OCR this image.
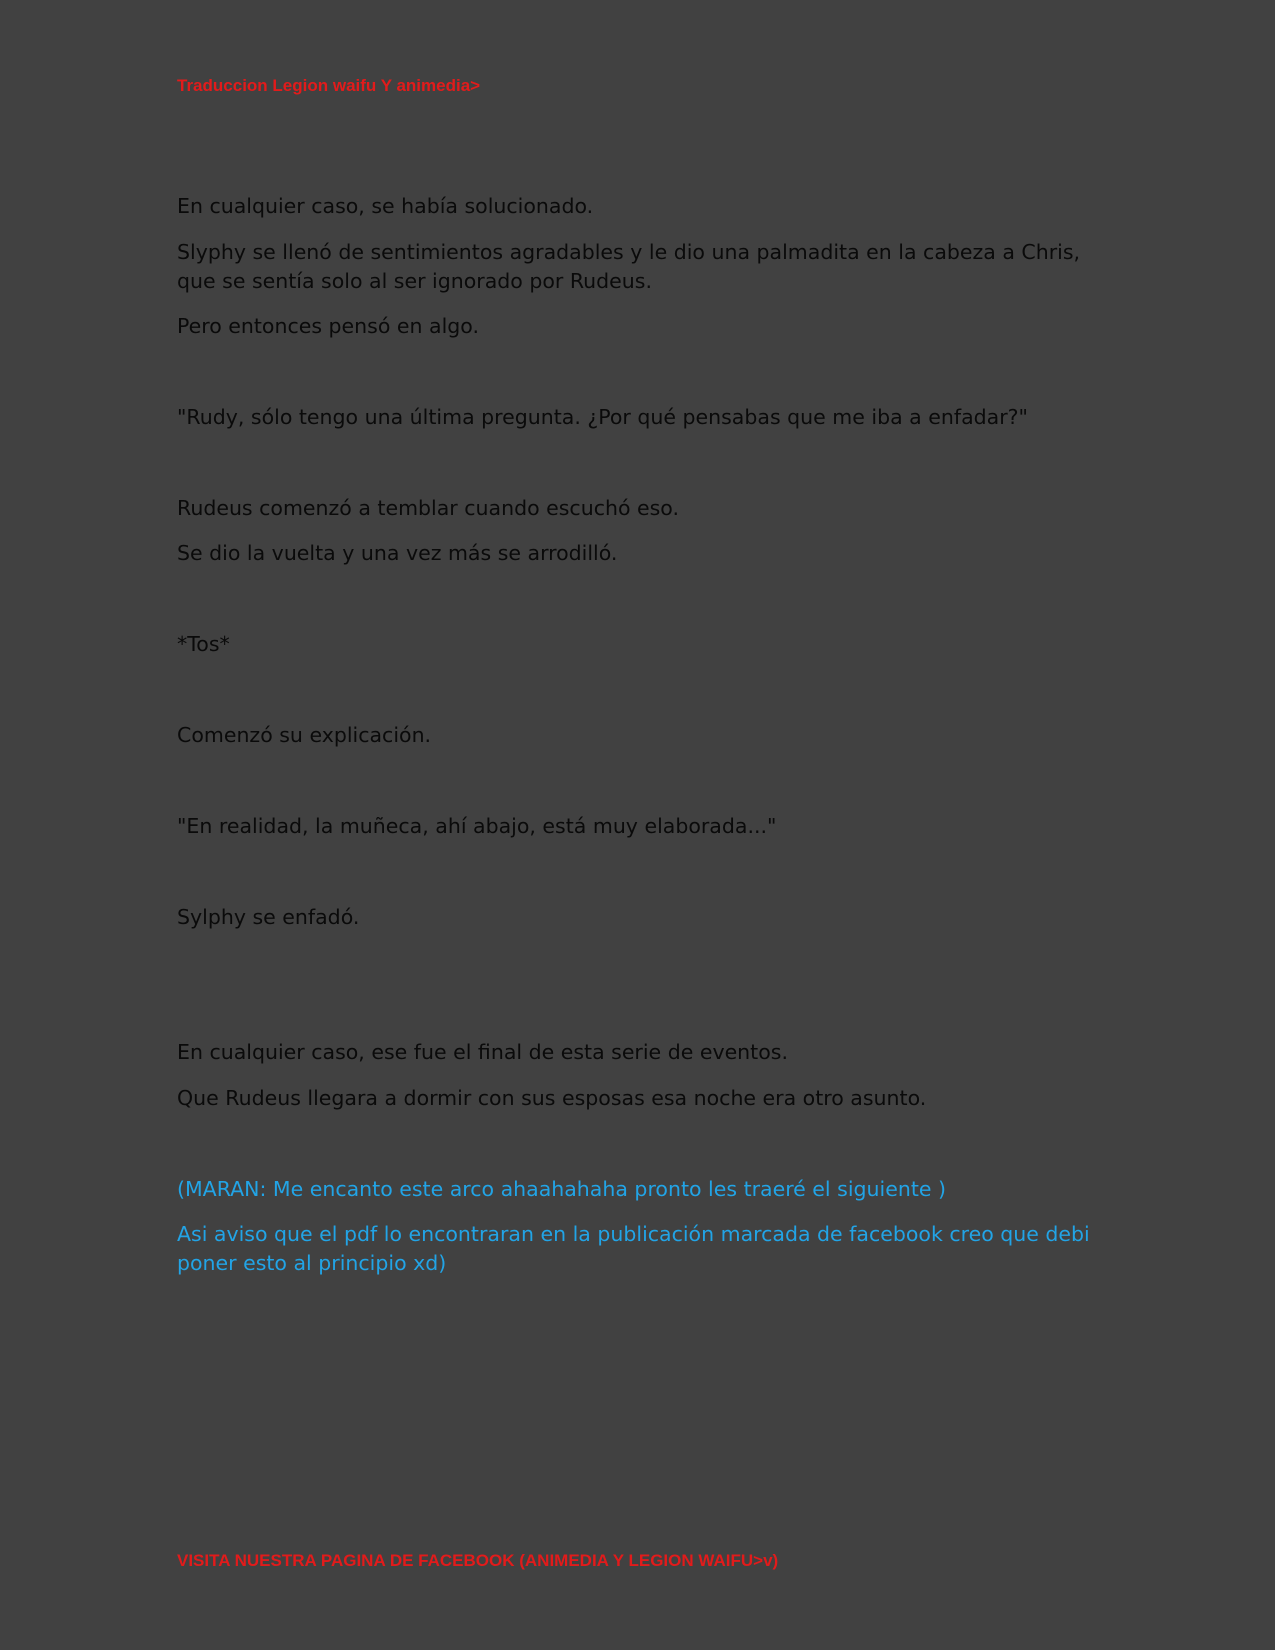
Traduccion Legion waifu Y animedia>

En cualquier caso, se había solucionado.

Slyphy se llenó de sentimientos agradables y le dio una palmadita en la cabeza a Chris, que se sentía solo al ser ignorado por Rudeus.

Pero entonces pensó en algo.

"Rudy, sólo tengo una última pregunta. ¿Por qué pensabas que me iba a enfadar?"

Rudeus comenzó a temblar cuando escuchó eso.

Se dio la vuelta y una vez más se arrodilló.

*Tos*

Comenzó su explicación.

"En realidad, la muñeca, ahí abajo, está muy elaborada..."

Sylphy se enfadó.

En cualquier caso, ese fue el final de esta serie de eventos.

Que Rudeus llegara a dormir con sus esposas esa noche era otro asunto.

(MARAN: Me encanto este arco ahaahahaha pronto les traeré el siguiente )

Asi aviso que el pdf lo encontraran en la publicación marcada de facebook creo que debi poner esto al principio xd)

VISITA NUESTRA PAGINA DE FACEBOOK (ANIMEDIA Y LEGION WAIFU>v)
